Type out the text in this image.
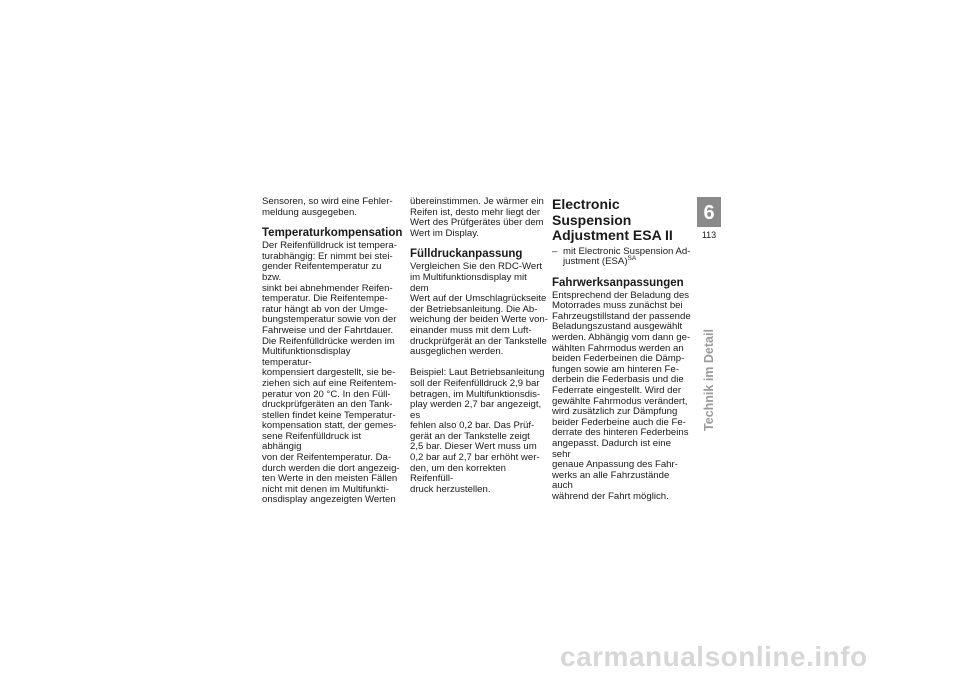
Sensoren, so wird eine Fehler-
meldung ausgegeben.

Temperaturkompensation

Der Reifenfülldruck ist tempera-
turabhängig: Er nimmt bei stei-
gender Reifentemperatur zu bzw.
sinkt bei abnehmender Reifen-
temperatur. Die Reifentempe-
ratur hängt ab von der Umge-
bungstemperatur sowie von der
Fahrweise und der Fahrtdauer.
Die Reifenfülldrücke werden im
Multifunktionsdisplay temperatur-
kompensiert dargestellt, sie be-
ziehen sich auf eine Reifentem-
peratur von 20 °C. In den Füll-
druckprüfgeräten an den Tank-
stellen findet keine Temperatur-
kompensation statt, der gemes-
sene Reifenfülldruck ist abhängig
von der Reifentemperatur. Da-
durch werden die dort angezeig-
ten Werte in den meisten Fällen
nicht mit denen im Multifunkti-
onsdisplay angezeigten Werten

übereinstimmen. Je wärmer ein
Reifen ist, desto mehr liegt der
Wert des Prüfgerätes über dem
Wert im Display.

Fülldruckanpassung

Vergleichen Sie den RDC-Wert
im Multifunktionsdisplay mit dem
Wert auf der Umschlagrückseite
der Betriebsanleitung. Die Ab-
weichung der beiden Werte von-
einander muss mit dem Luft-
druckprüfgerät an der Tankstelle
ausgeglichen werden.

Beispiel: Laut Betriebsanleitung
soll der Reifenfülldruck 2,9 bar
betragen, im Multifunktionsdis-
play werden 2,7 bar angezeigt, es
fehlen also 0,2 bar. Das Prüf-
gerät an der Tankstelle zeigt
2,5 bar. Dieser Wert muss um
0,2 bar auf 2,7 bar erhöht wer-
den, um den korrekten Reifenfüll-
druck herzustellen.

Electronic Suspension
Adjustment ESA II

– mit Electronic Suspension Ad-
justment (ESA)$^{SA}$

Fahrwerksanpassungen

Entsprechend der Beladung des
Motorrades muss zunächst bei
Fahrzeugstillstand der passende
Beladungszustand ausgewählt
werden. Abhängig vom dann ge-
wählten Fahrmodus werden an
beiden Federbeinen die Dämp-
fungen sowie am hinteren Fe-
derbein die Federbasis und die
Federrate eingestellt. Wird der
gewählte Fahrmodus verändert,
wird zusätzlich zur Dämpfung
beider Federbeine auch die Fe-
derrate des hinteren Federbeins
angepasst. Dadurch ist eine sehr
genaue Anpassung des Fahr-
werks an alle Fahrzustände auch
während der Fahrt möglich.

6
113
Technik im Detail
carmanualsonline.info
